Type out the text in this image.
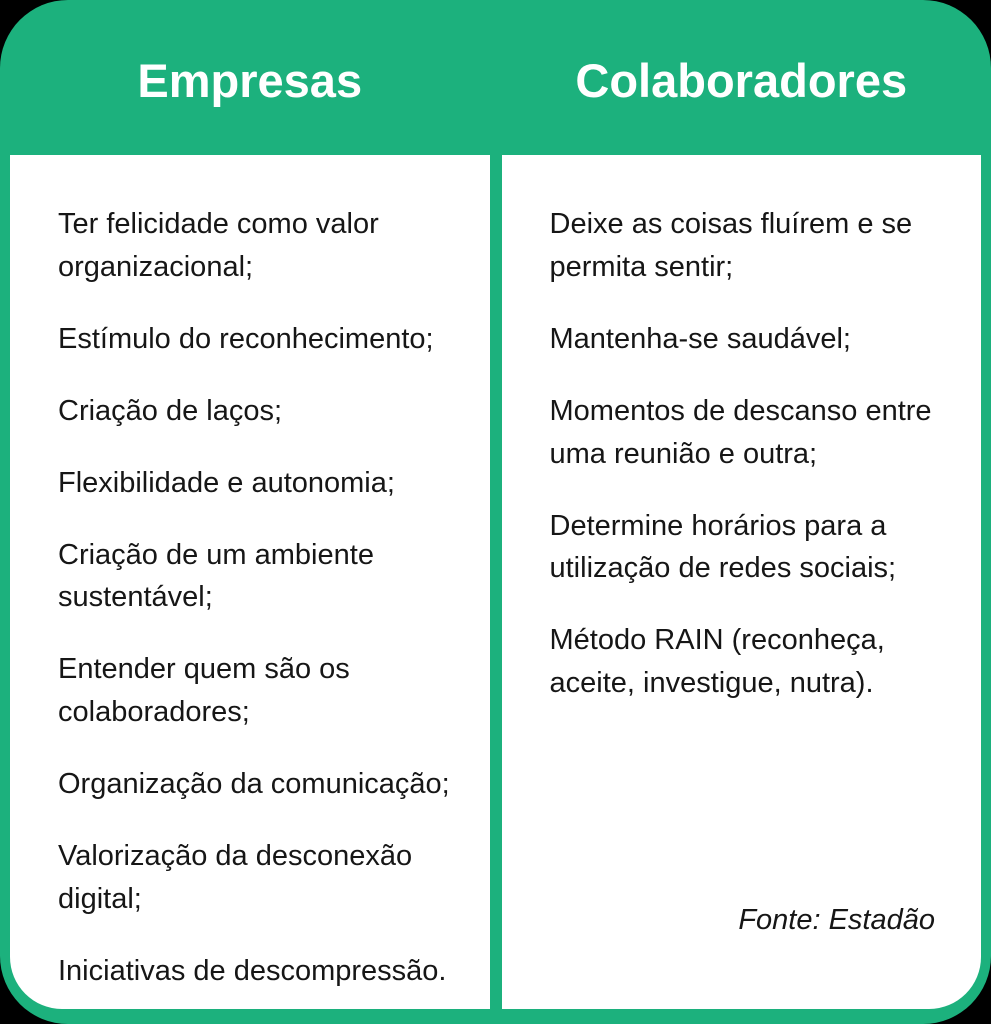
Empresas	Colaboradores

Ter felicidade como valor organizacional;

Estímulo do reconhecimento;

Criação de laços;

Flexibilidade e autonomia;

Criação de um ambiente sustentável;

Entender quem são os colaboradores;

Organização da comunicação;

Valorização da desconexão digital;

Iniciativas de descompressão.

Deixe as coisas fluírem e se permita sentir;

Mantenha-se saudável;

Momentos de descanso entre uma reunião e outra;

Determine horários para a utilização de redes sociais;

Método RAIN (reconheça, aceite, investigue, nutra).

Fonte: Estadão
